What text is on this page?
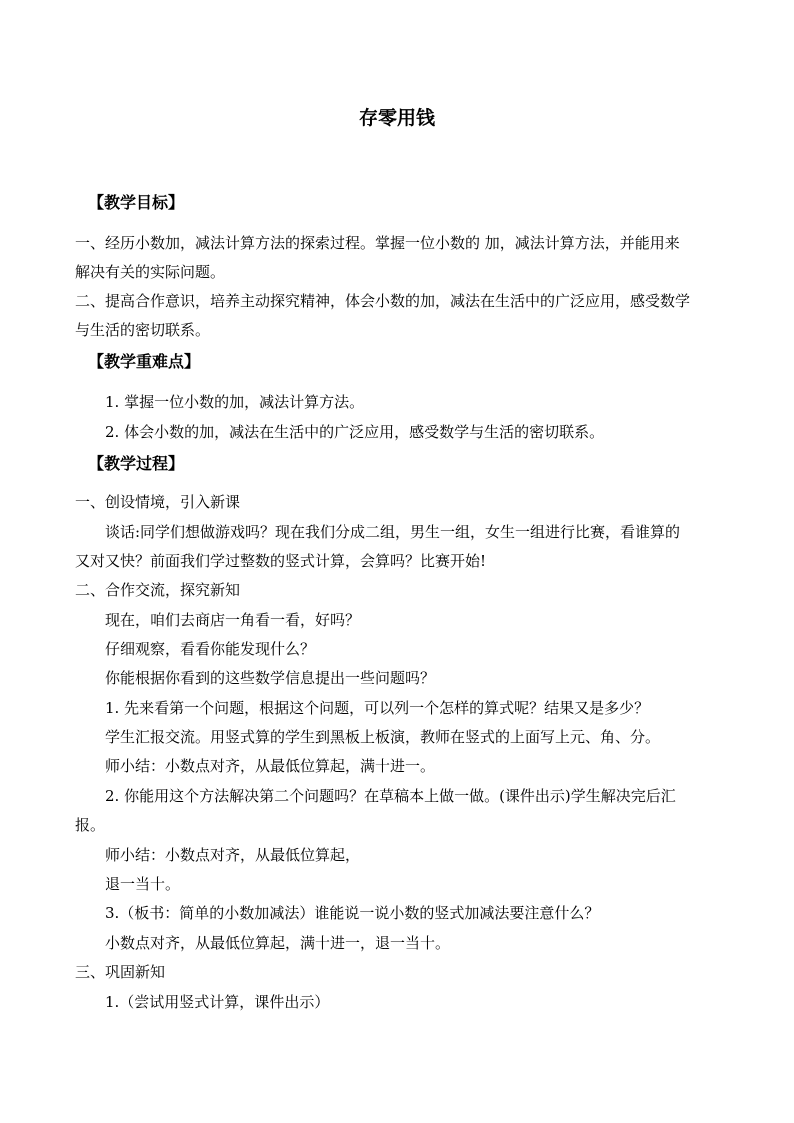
存零用钱
【教学目标】
一、经历小数加，减法计算方法的探索过程。掌握一位小数的 加，减法计算方法，并能用来
解决有关的实际问题。
二、提高合作意识，培养主动探究精神，体会小数的加，减法在生活中的广泛应用，感受数学
与生活的密切联系。
【教学重难点】
1. 掌握一位小数的加，减法计算方法。
2. 体会小数的加，减法在生活中的广泛应用，感受数学与生活的密切联系。
【教学过程】
一、创设情境，引入新课
谈话:同学们想做游戏吗？现在我们分成二组，男生一组，女生一组进行比赛，看谁算的
又对又快？前面我们学过整数的竖式计算，会算吗？比赛开始!
二、合作交流，探究新知
现在，咱们去商店一角看一看，好吗？
仔细观察，看看你能发现什么？
你能根据你看到的这些数学信息提出一些问题吗？
1. 先来看第一个问题，根据这个问题，可以列一个怎样的算式呢？结果又是多少？
学生汇报交流。用竖式算的学生到黑板上板演，教师在竖式的上面写上元、角、分。
师小结：小数点对齐，从最低位算起，满十进一。
2. 你能用这个方法解决第二个问题吗？在草稿本上做一做。(课件出示)学生解决完后汇
报。
师小结：小数点对齐，从最低位算起，
退一当十。
3.（板书：简单的小数加减法）谁能说一说小数的竖式加减法要注意什么？
小数点对齐，从最低位算起，满十进一，退一当十。
三、巩固新知
1.（尝试用竖式计算，课件出示）
